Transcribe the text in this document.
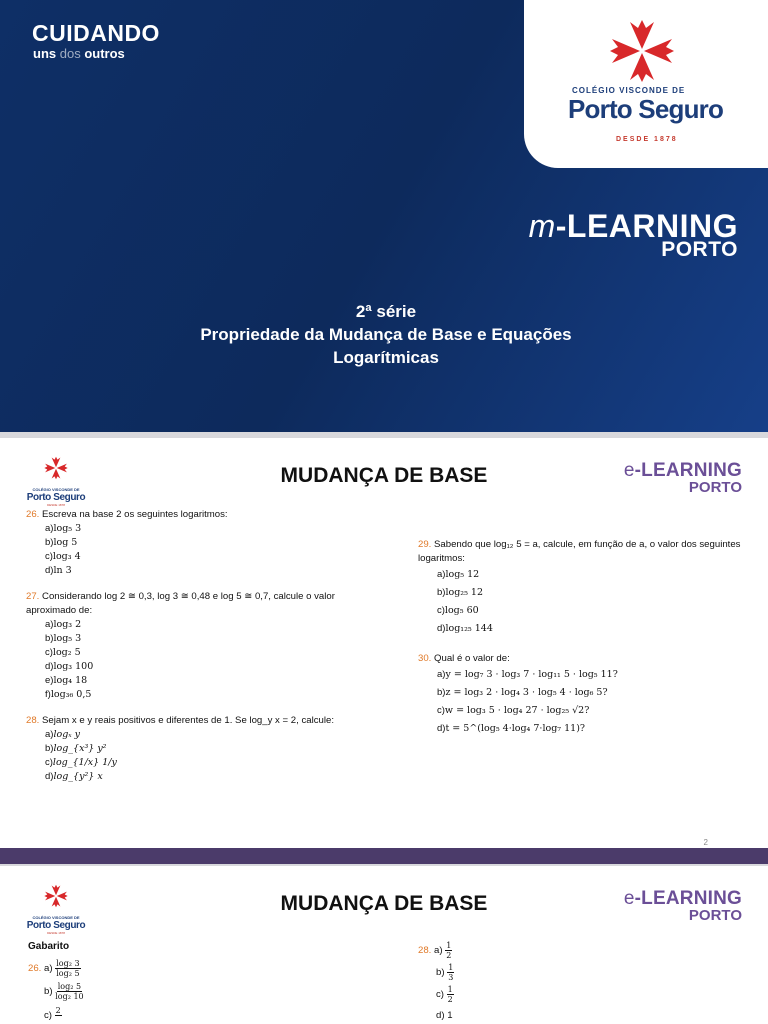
CUIDANDO
uns dos outros
COLÉGIO VISCONDE DE
Porto Seguro
DESDE 1878
m-LEARNING
PORTO
2ª série
Propriedade da Mudança de Base e Equações
Logarítmicas
COLÉGIO VISCONDE DE
Porto Seguro
DESDE 1878
MUDANÇA DE BASE	e-LEARNING
PORTO
26. Escreva na base 2 os seguintes logaritmos:
a)log₅ 3
b)log 5
c)log₃ 4
d)ln 3
27. Considerando log 2 ≅ 0,3, log 3 ≅ 0,48 e log 5 ≅ 0,7, calcule o valor aproximado de:
a)log₃ 2
b)log₅ 3
c)log₂ 5
d)log₃ 100
e)log₄ 18
f)log₃₆ 0,5
28. Sejam x e y reais positivos e diferentes de 1. Se log_y x = 2, calcule:
a)logₓ y
b)log_{x³} y²
c)log_{1/x} 1/y
d)log_{y²} x
29. Sabendo que log₁₂ 5 = a, calcule, em função de a, o valor dos seguintes logaritmos:
a)log₅ 12
b)log₂₅ 12
c)log₅ 60
d)log₁₂₅ 144
30. Qual é o valor de:
a)y = log₇ 3 · log₃ 7 · log₁₁ 5 · log₅ 11?
b)z = log₃ 2 · log₄ 3 · log₅ 4 · log₆ 5?
c)w = log₃ 5 · log₄ 27 · log₂₅ √2?
d)t = 5^(log₅ 4·log₄ 7·log₇ 11)?
2
COLÉGIO VISCONDE DE
Porto Seguro
DESDE 1878
MUDANÇA DE BASE	e-LEARNING
PORTO
Gabarito
26. $a) \frac{\text{log₂ 3}}{\text{log₂ 5}}$
$b) \frac{\text{log₂ 5}}{\text{log₂ 10}}$
c) 2

28. $a) \frac{1}{2}$
$b) \frac{1}{3}$
$c) \frac{1}{2}$
d) 1
